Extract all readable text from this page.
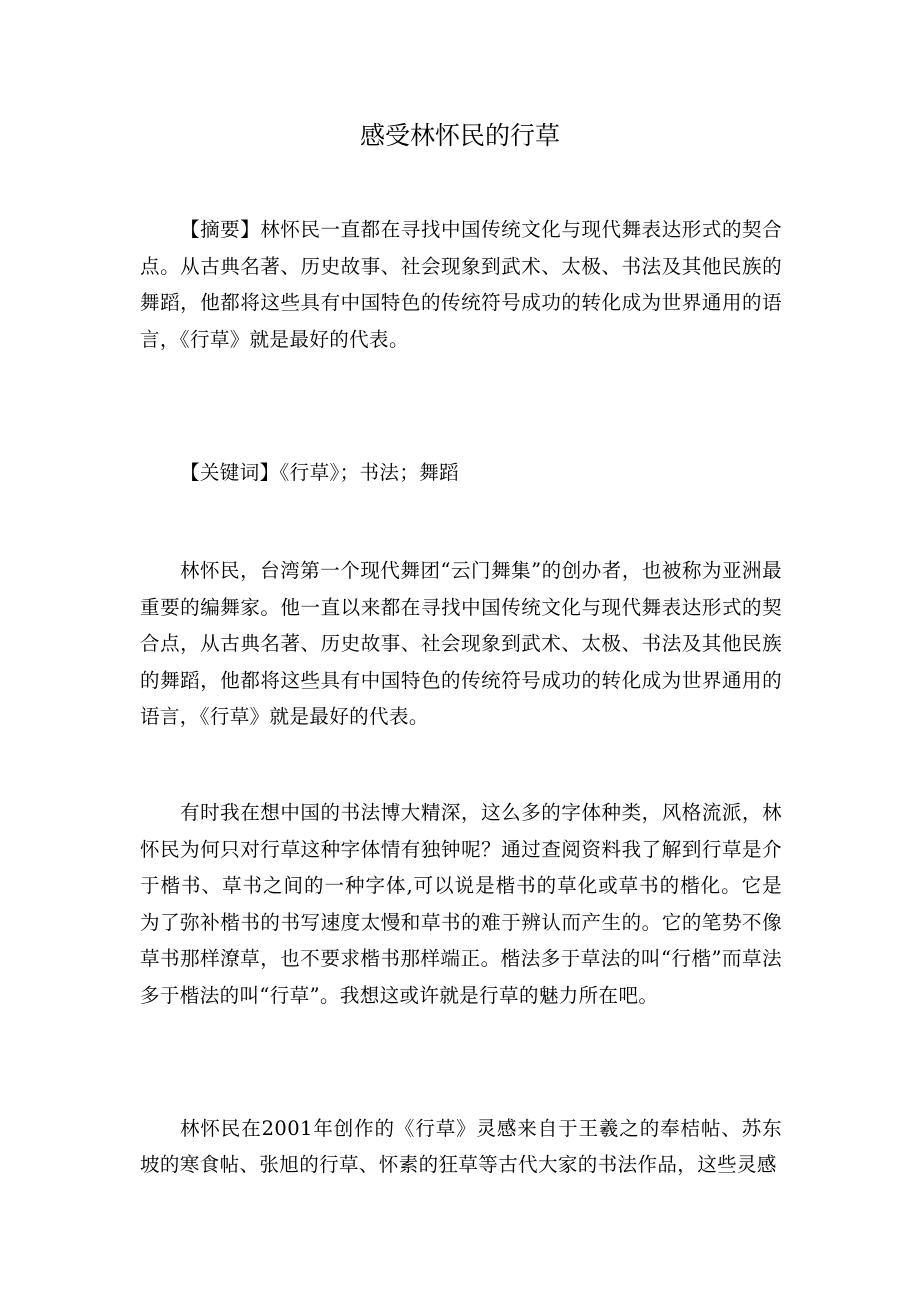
感受林怀民的行草

【摘要】林怀民一直都在寻找中国传统文化与现代舞表达形式的契合点。从古典名著、历史故事、社会现象到武术、太极、书法及其他民族的舞蹈，他都将这些具有中国特色的传统符号成功的转化成为世界通用的语言，《行草》就是最好的代表。

【关键词】《行草》；书法；舞蹈

林怀民，台湾第一个现代舞团“云门舞集”的创办者，也被称为亚洲最重要的编舞家。他一直以来都在寻找中国传统文化与现代舞表达形式的契合点，从古典名著、历史故事、社会现象到武术、太极、书法及其他民族的舞蹈，他都将这些具有中国特色的传统符号成功的转化成为世界通用的语言，《行草》就是最好的代表。

有时我在想中国的书法博大精深，这么多的字体种类，风格流派，林怀民为何只对行草这种字体情有独钟呢？通过查阅资料我了解到行草是介于楷书、草书之间的一种字体,可以说是楷书的草化或草书的楷化。它是为了弥补楷书的书写速度太慢和草书的难于辨认而产生的。它的笔势不像草书那样潦草，也不要求楷书那样端正。楷法多于草法的叫“行楷”而草法多于楷法的叫“行草”。我想这或许就是行草的魅力所在吧。

林怀民在2001年创作的《行草》灵感来自于王羲之的奉桔帖、苏东坡的寒食帖、张旭的行草、怀素的狂草等古代大家的书法作品，这些灵感
